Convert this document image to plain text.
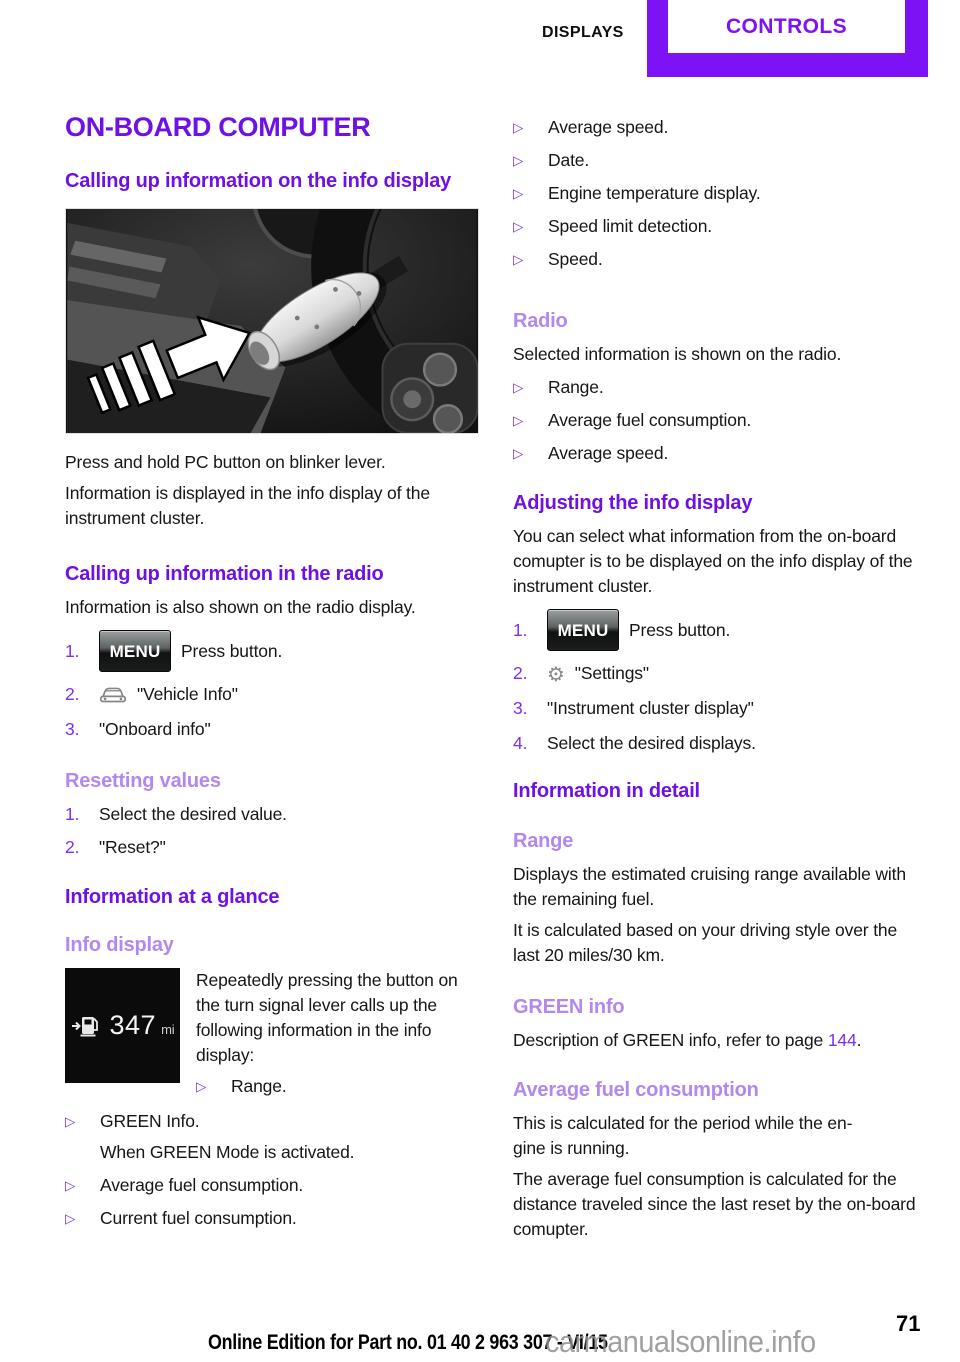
DISPLAYS	CONTROLS
ON-BOARD COMPUTER
Calling up information on the info display

Press and hold PC button on blinker lever.

Information is displayed in the info display of the instrument cluster.

Calling up information in the radio

Information is also shown on the radio display.

1.	MENU Press button.
2.	"Vehicle Info"
3.	"Onboard info"
Resetting values
1.	Select the desired value.
2.	"Reset?"
Information at a glance
Info display
347 mi

Repeatedly pressing the button on the turn signal lever calls up the following information in the info display:

▷	Range.
▷	GREEN Info.
When GREEN Mode is activated.
▷	Average fuel consumption.
▷	Current fuel consumption.
▷	Average speed.
▷	Date.
▷	Engine temperature display.
▷	Speed limit detection.
▷	Speed.
Radio

Selected information is shown on the radio.

▷	Range.
▷	Average fuel consumption.
▷	Average speed.
Adjusting the info display

You can select what information from the on-board comupter is to be displayed on the info display of the instrument cluster.

1.	MENU Press button.
2. ⚙ "Settings"
3.	"Instrument cluster display"
4.	Select the desired displays.
Information in detail
Range

Displays the estimated cruising range available with the remaining fuel.

It is calculated based on your driving style over the last 20 miles/30 km.

GREEN info

Description of GREEN info, refer to page 144.

Average fuel consumption

This is calculated for the period while the en-
gine is running.

The average fuel consumption is calculated for the distance traveled since the last reset by the on-board comupter.

Online Edition for Part no. 01 40 2 963 307 - VI/15
carmanualsonline.info
71
